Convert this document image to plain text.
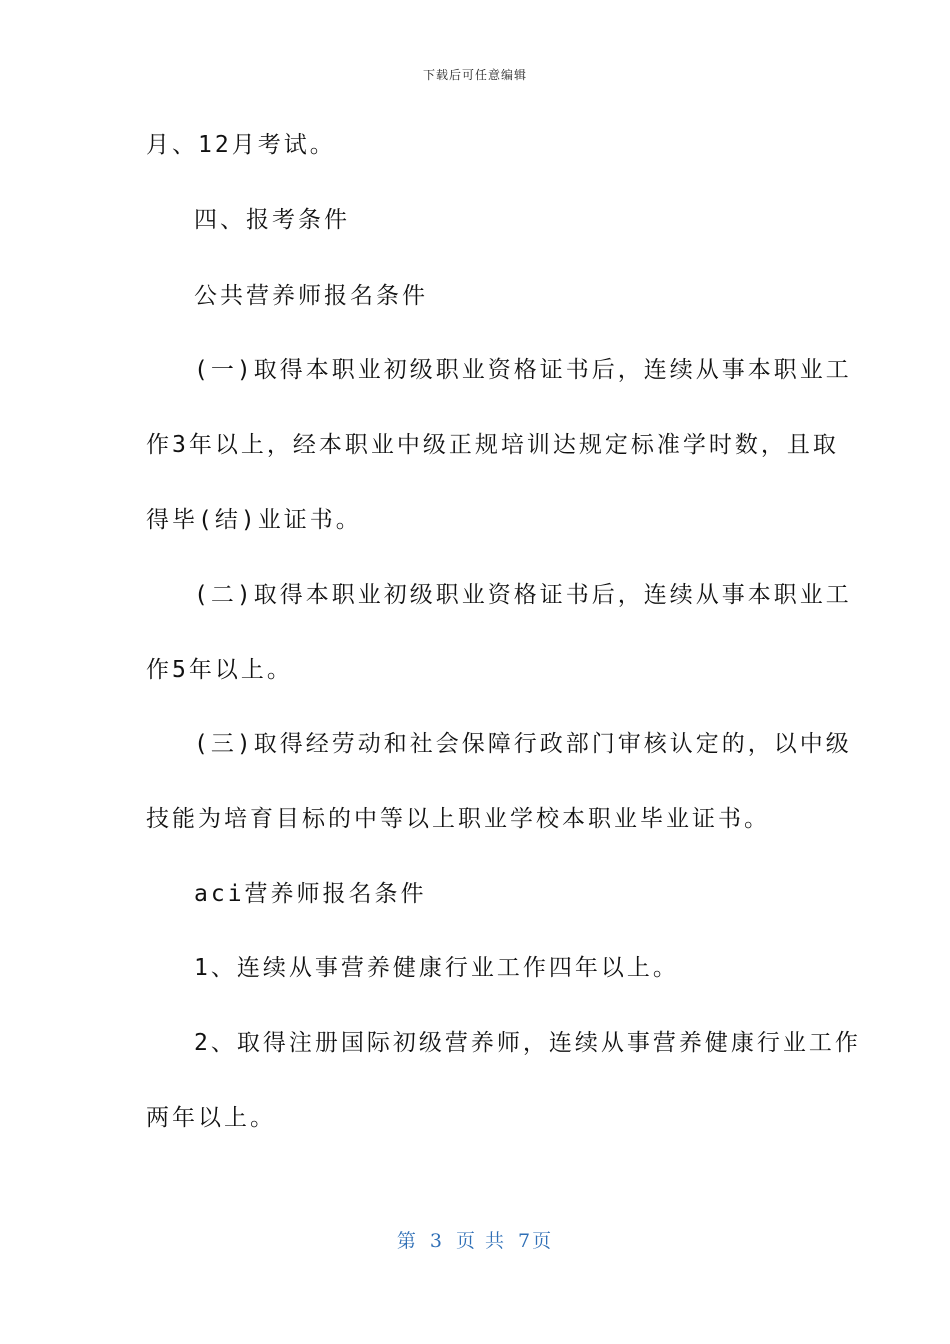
下载后可任意编辑
月、12月考试。
四、报考条件
公共营养师报名条件
(一)取得本职业初级职业资格证书后，连续从事本职业工
作3年以上，经本职业中级正规培训达规定标准学时数，且取
得毕(结)业证书。
(二)取得本职业初级职业资格证书后，连续从事本职业工
作5年以上。
(三)取得经劳动和社会保障行政部门审核认定的，以中级
技能为培育目标的中等以上职业学校本职业毕业证书。
aci营养师报名条件
1、连续从事营养健康行业工作四年以上。
2、取得注册国际初级营养师，连续从事营养健康行业工作
两年以上。
第 3 页 共 7页
